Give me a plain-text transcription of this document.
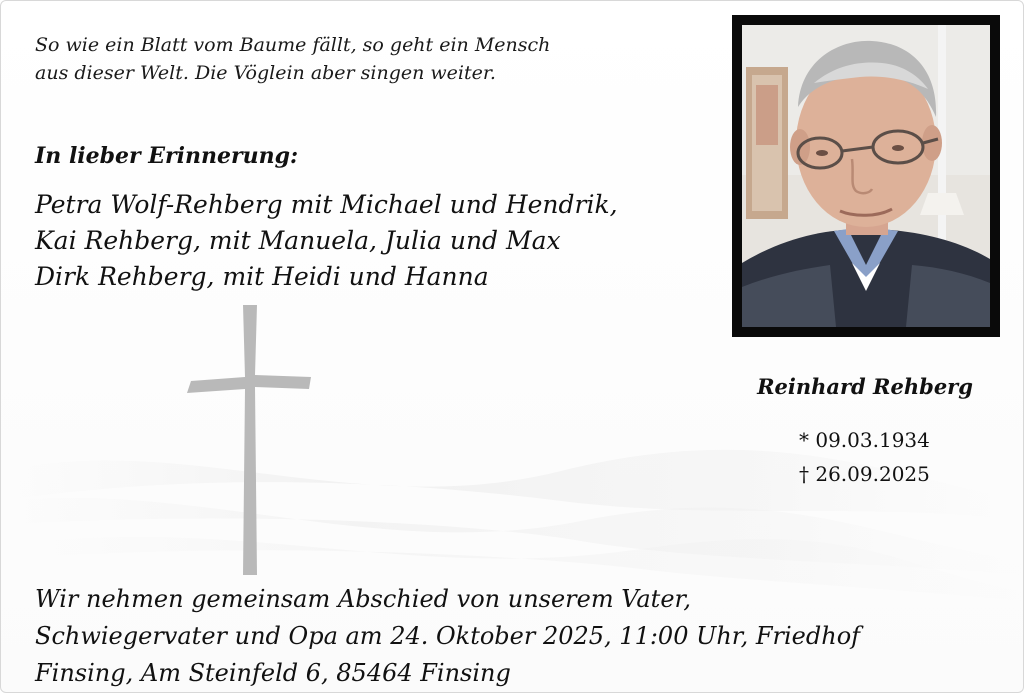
So wie ein Blatt vom Baume fällt, so geht ein Mensch
aus dieser Welt. Die Vöglein aber singen weiter.
In lieber Erinnerung:
Petra Wolf-Rehberg mit Michael und Hendrik,
Kai Rehberg, mit Manuela, Julia und Max
Dirk Rehberg, mit Heidi und Hanna
Reinhard Rehberg
* 09.03.1934
† 26.09.2025
Wir nehmen gemeinsam Abschied von unserem Vater,
Schwiegervater und Opa am 24. Oktober 2025, 11:00 Uhr, Friedhof
Finsing, Am Steinfeld 6, 85464 Finsing
